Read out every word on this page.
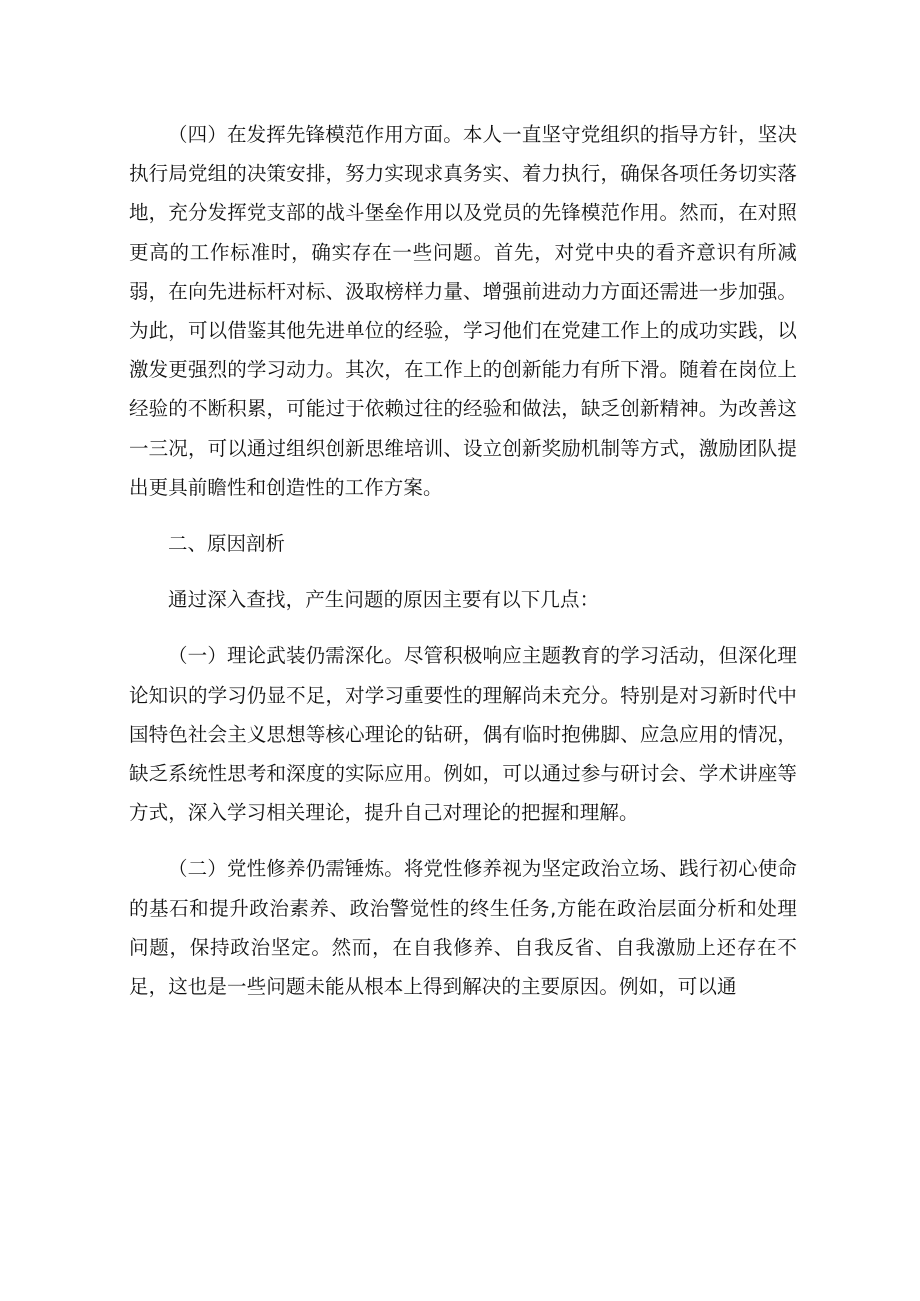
（四）在发挥先锋模范作用方面。本人一直坚守党组织的指导方针，坚决执行局党组的决策安排，努力实现求真务实、着力执行，确保各项任务切实落地，充分发挥党支部的战斗堡垒作用以及党员的先锋模范作用。然而，在对照更高的工作标准时，确实存在一些问题。首先，对党中央的看齐意识有所减弱，在向先进标杆对标、汲取榜样力量、增强前进动力方面还需进一步加强。为此，可以借鉴其他先进单位的经验，学习他们在党建工作上的成功实践，以激发更强烈的学习动力。其次，在工作上的创新能力有所下滑。随着在岗位上经验的不断积累，可能过于依赖过往的经验和做法，缺乏创新精神。为改善这一三况，可以通过组织创新思维培训、设立创新奖励机制等方式，激励团队提出更具前瞻性和创造性的工作方案。

二、原因剖析

通过深入查找，产生问题的原因主要有以下几点：

（一）理论武装仍需深化。尽管积极响应主题教育的学习活动，但深化理论知识的学习仍显不足，对学习重要性的理解尚未充分。特别是对习新时代中国特色社会主义思想等核心理论的钻研，偶有临时抱佛脚、应急应用的情况，缺乏系统性思考和深度的实际应用。例如，可以通过参与研讨会、学术讲座等方式，深入学习相关理论，提升自己对理论的把握和理解。

（二）党性修养仍需锤炼。将党性修养视为坚定政治立场、践行初心使命的基石和提升政治素养、政治警觉性的终生任务,方能在政治层面分析和处理问题，保持政治坚定。然而，在自我修养、自我反省、自我激励上还存在不足，这也是一些问题未能从根本上得到解决的主要原因。例如，可以通
